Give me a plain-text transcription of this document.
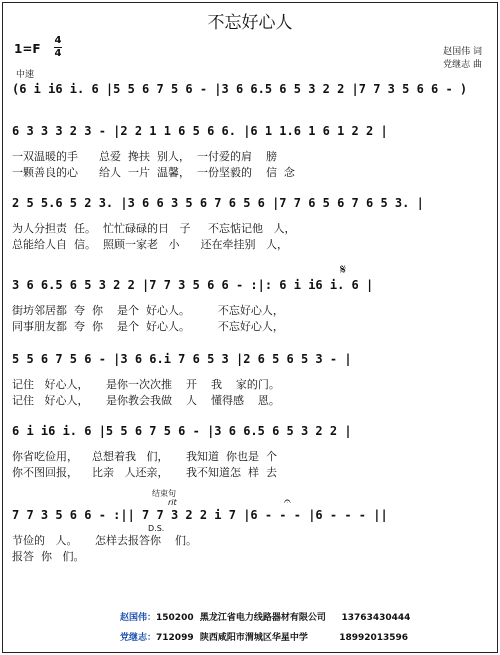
不忘好心人
赵国伟 词
党继志 曲
1=F
4
4
中速
(6 i i6 i. 6 |5 5 6 7 5 6 - |3 6 6.5 6 5 3 2 2 |7 7 3 5 6 6 - )
6 3 3 3 2 3 - |2 2 1 1 6 5 6 6. |6 1 1.6 1 6 1 2 2 |
一双温暖的手      总爱  搀扶  别人，  一付爱的肩    膀
一颗善良的心      给人  一片  温馨，  一份坚毅的    信  念
2 5 5.6 5 2 3. |3 6 6 3 5 6 7 6 5 6 |7 7 6 5 6 7 6 5 3. |
为人分担责  任。  忙忙碌碌的日   子     不忘惦记他   人，
总能给人自  信。  照顾一家老   小      还在牵挂别   人，
𝄋
3 6 6.5 6 5 3 2 2 |7 7 3 5 6 6 - :|: 6 i i6 i. 6 |
街坊邻居都  夸  你    是个  好心人。        不忘好心人，
同事朋友都  夸  你    是个  好心人。        不忘好心人，
5 5 6 7 5 6 - |3 6 6.i 7 6 5 3 |2 6 5 6 5 3 - |
记住   好心人，     是你一次次推    开    我    家的门。
记住   好心人，     是你教会我做    人    懂得感    恩。
6 i i6 i. 6 |5 5 6 7 5 6 - |3 6 6.5 6 5 3 2 2 |
你省吃俭用，    总想着我   们，     我知道  你也是  个
你不图回报，    比亲   人还亲，     我不知道怎  样  去
结束句
rit	𝄐
7 7 3 5 6 6 - :|| 7 7 3 2 2 i 7 |6 - - - |6 - - - ||
D.S.
节俭的   人。     怎样去报答你    们。
报答  你   们。
赵国伟：150200  黑龙江省电力线路器材有限公司     13763430444
党继志：712099  陕西咸阳市渭城区华星中学          18992013596
